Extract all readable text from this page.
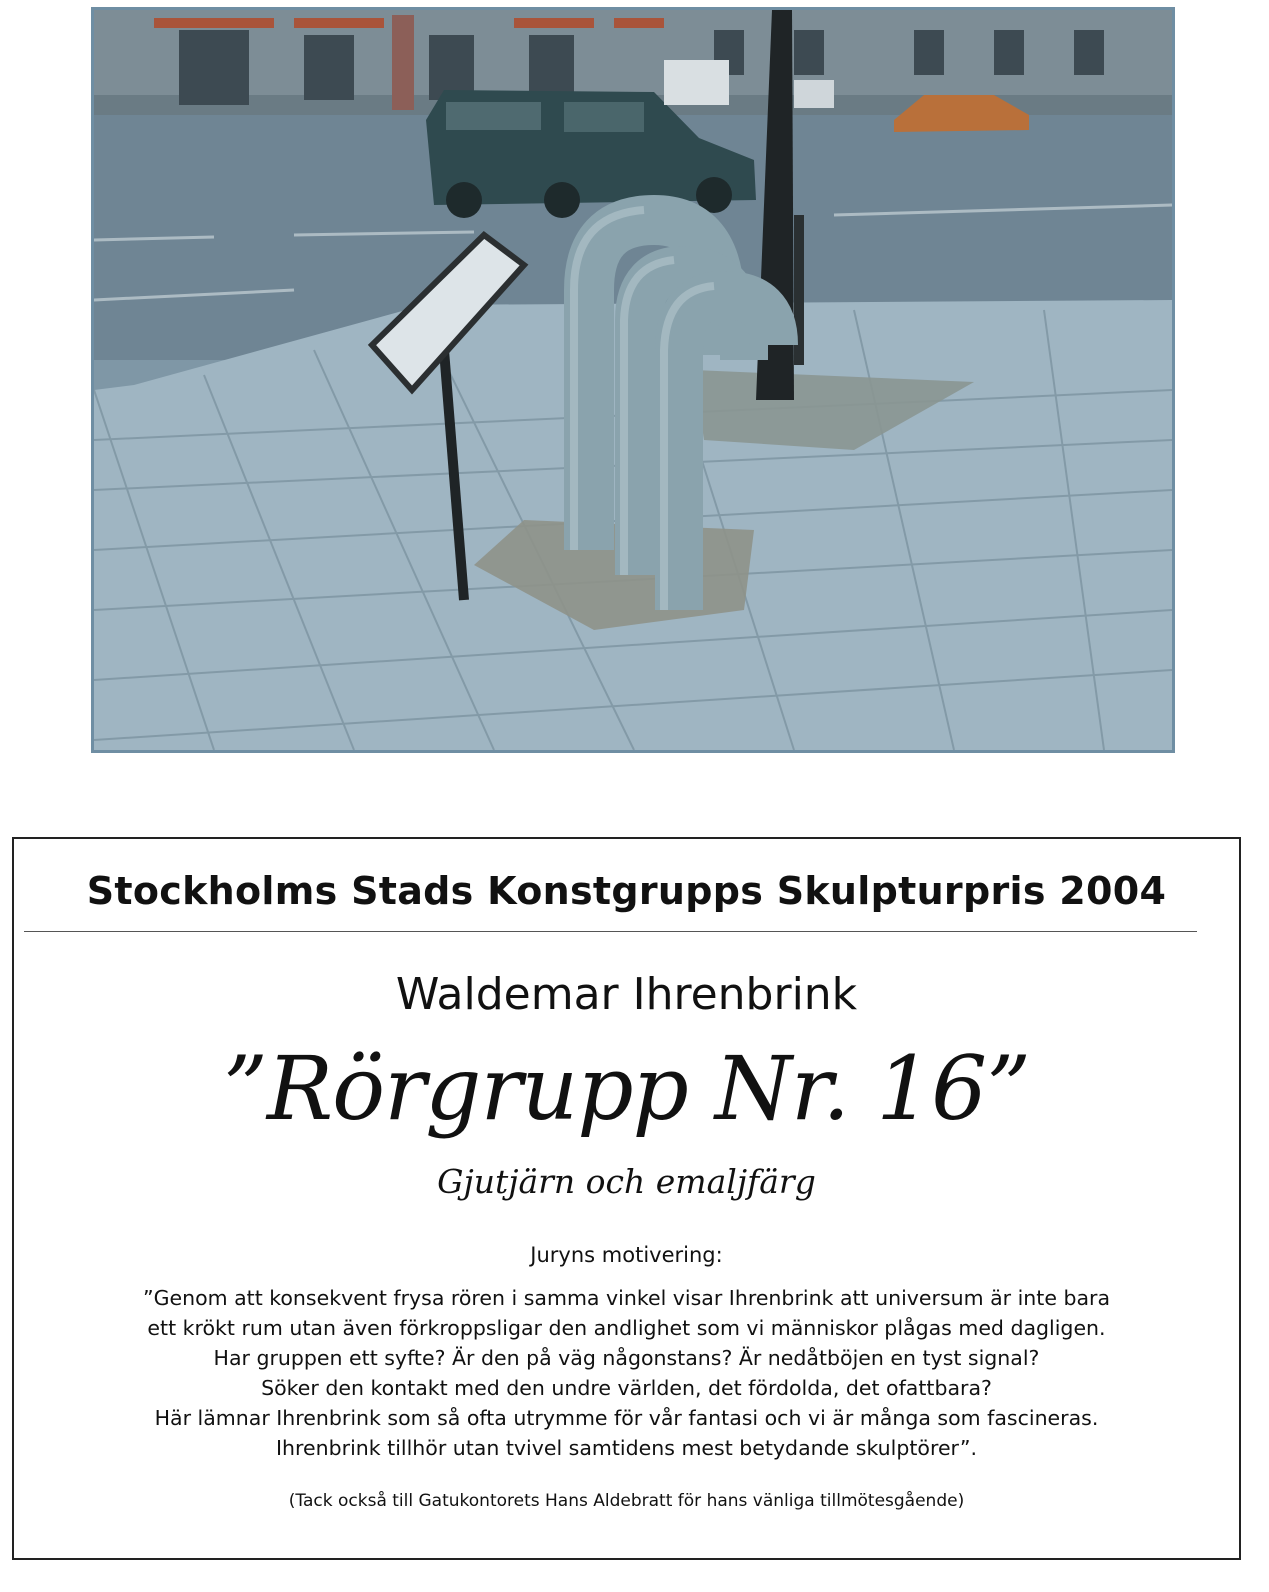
Stockholms Stads Konstgrupps Skulpturpris 2004
Waldemar Ihrenbrink
”Rörgrupp Nr. 16”
Gjutjärn och emaljfärg
Juryns motivering:
”Genom att konsekvent frysa rören i samma vinkel visar Ihrenbrink att universum är inte bara
ett krökt rum utan även förkroppsligar den andlighet som vi människor plågas med dagligen.
Har gruppen ett syfte? Är den på väg någonstans? Är nedåtböjen en tyst signal?
Söker den kontakt med den undre världen, det fördolda, det ofattbara?
Här lämnar Ihrenbrink som så ofta utrymme för vår fantasi och vi är många som fascineras.
Ihrenbrink tillhör utan tvivel samtidens mest betydande skulptörer”.
(Tack också till Gatukontorets Hans Aldebratt för hans vänliga tillmötesgående)
